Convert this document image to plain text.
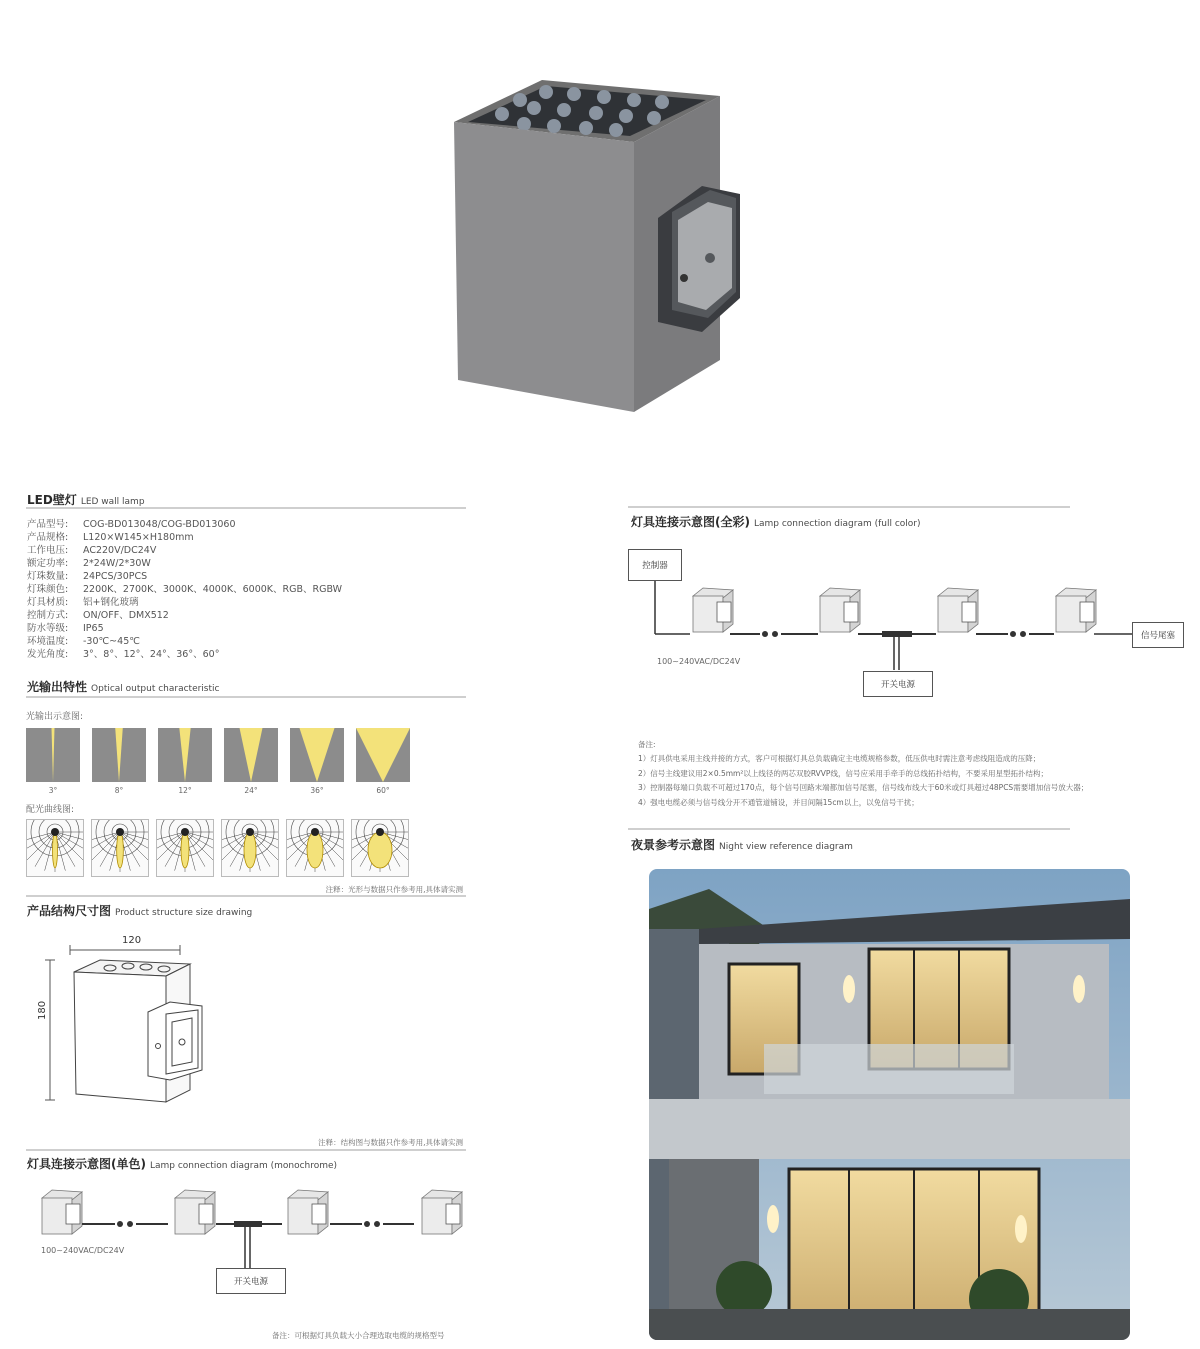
LED壁灯 LED wall lamp
产品型号: COG-BD013048/COG-BD013060
产品规格: L120×W145×H180mm
工作电压: AC220V/DC24V
额定功率: 2*24W/2*30W
灯珠数量: 24PCS/30PCS
灯珠颜色: 2200K、2700K、3000K、4000K、6000K、RGB、RGBW
灯具材质: 铝+钢化玻璃
控制方式: ON/OFF、DMX512
防水等级: IP65
环境温度: -30℃~45℃
发光角度: 3°、8°、12°、24°、36°、60°
光输出特性 Optical output characteristic
光输出示意图:
3°	8°	12°	24°	36°	60°
配光曲线图:
注释：光形与数据只作参考用,具体请实测
产品结构尺寸图 Product structure size drawing
120
180
注释：结构图与数据只作参考用,具体请实测
灯具连接示意图(单色) Lamp connection diagram (monochrome)
100~240VAC/DC24V
开关电源
备注：可根据灯具负载大小合理选取电缆的规格型号
灯具连接示意图(全彩) Lamp connection diagram (full color)
控制器
100~240VAC/DC24V
开关电源
信号尾塞
备注:
1）灯具供电采用主线并接的方式，客户可根据灯具总负载确定主电缆规格参数，低压供电时需注意考虑线阻造成的压降；
2）信号主线建议用2×0.5mm²以上线径的两芯双胶RVVP线，信号应采用手牵手的总线拓扑结构，不要采用星型拓扑结构；
3）控制器每端口负载不可超过170点，每个信号回路末端都加信号尾塞，信号线布线大于60米或灯具超过48PCS需要增加信号放大器；
4）强电电缆必须与信号线分开不通管道铺设，并目间隔15cm以上，以免信号干扰；
夜景参考示意图 Night view reference diagram
